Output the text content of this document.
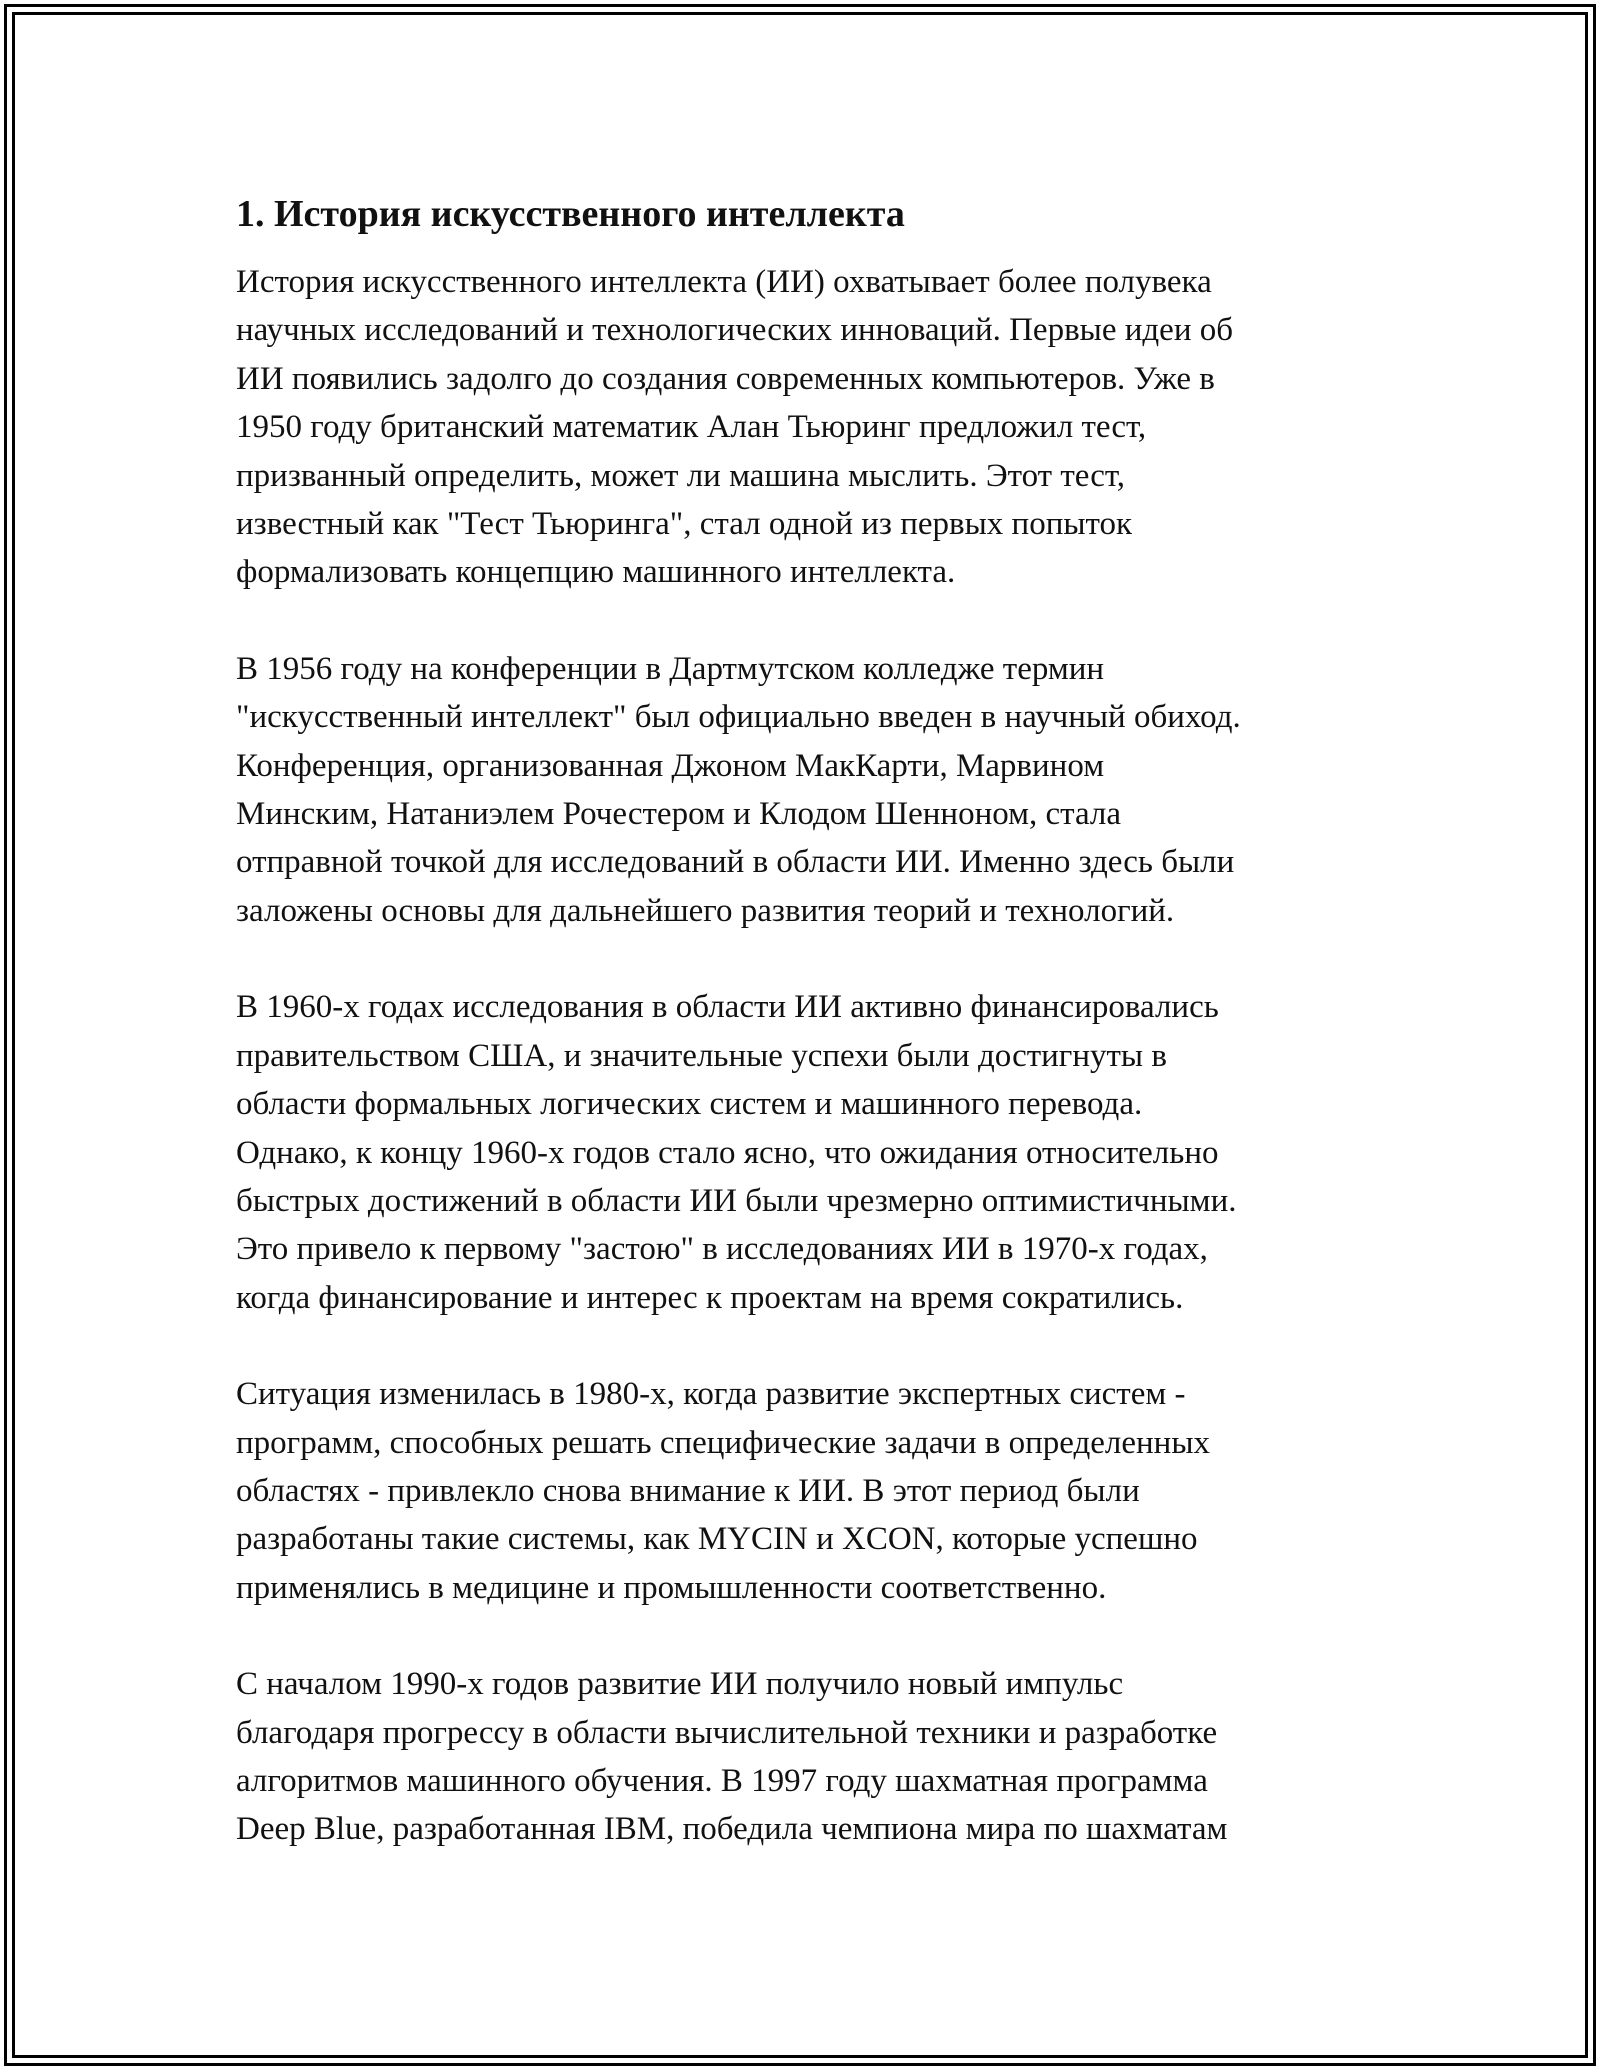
1. История искусственного интеллекта

История искусственного интеллекта (ИИ) охватывает более полувека
научных исследований и технологических инноваций. Первые идеи об
ИИ появились задолго до создания современных компьютеров. Уже в
1950 году британский математик Алан Тьюринг предложил тест,
призванный определить, может ли машина мыслить. Этот тест,
известный как "Тест Тьюринга", стал одной из первых попыток
формализовать концепцию машинного интеллекта.

В 1956 году на конференции в Дартмутском колледже термин
"искусственный интеллект" был официально введен в научный обиход.
Конференция, организованная Джоном МакКарти, Марвином
Минским, Натаниэлем Рочестером и Клодом Шенноном, стала
отправной точкой для исследований в области ИИ. Именно здесь были
заложены основы для дальнейшего развития теорий и технологий.

В 1960-х годах исследования в области ИИ активно финансировались
правительством США, и значительные успехи были достигнуты в
области формальных логических систем и машинного перевода.
Однако, к концу 1960-х годов стало ясно, что ожидания относительно
быстрых достижений в области ИИ были чрезмерно оптимистичными.
Это привело к первому "застою" в исследованиях ИИ в 1970-х годах,
когда финансирование и интерес к проектам на время сократились.

Ситуация изменилась в 1980-х, когда развитие экспертных систем -
программ, способных решать специфические задачи в определенных
областях - привлекло снова внимание к ИИ. В этот период были
разработаны такие системы, как MYCIN и XCON, которые успешно
применялись в медицине и промышленности соответственно.

С началом 1990-х годов развитие ИИ получило новый импульс
благодаря прогрессу в области вычислительной техники и разработке
алгоритмов машинного обучения. В 1997 году шахматная программа
Deep Blue, разработанная IBM, победила чемпиона мира по шахматам
